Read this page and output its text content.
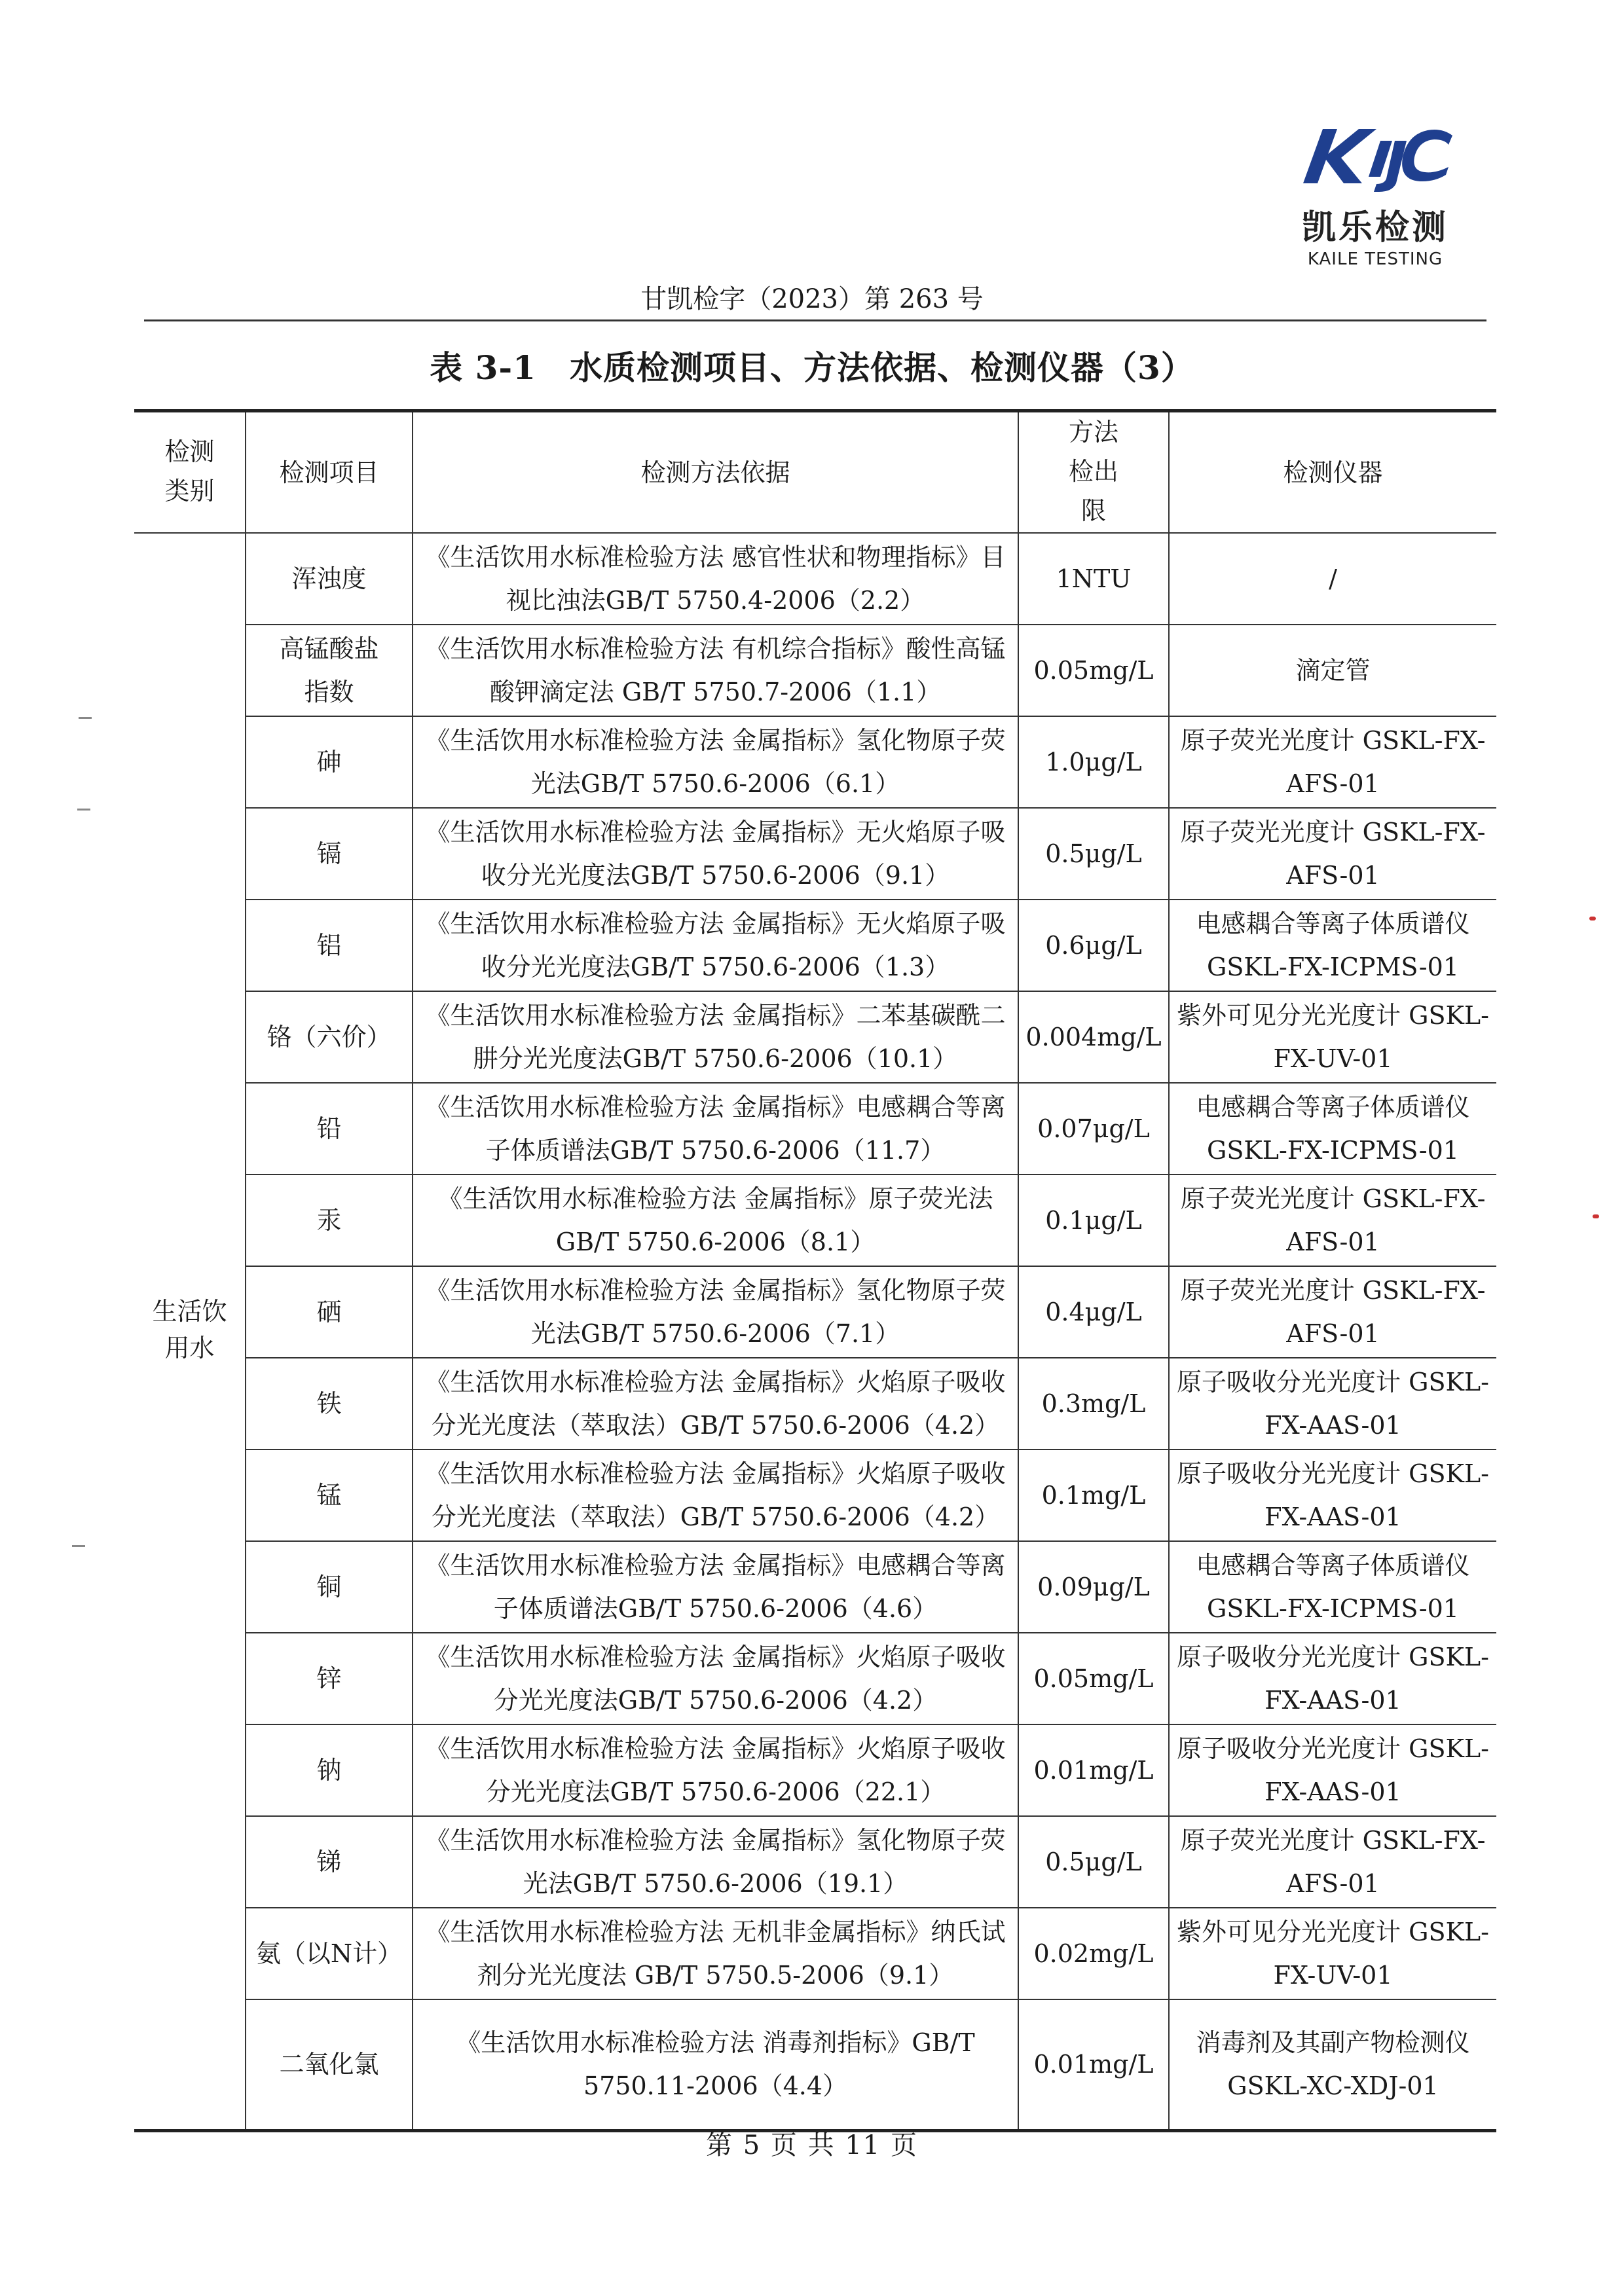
凯乐检测
KAILE TESTING
甘凯检字（2023）第 263 号
表 3-1　水质检测项目、方法依据、检测仪器（3）
检测类别	检测项目	检测方法依据	方法检出限	检测仪器
生活饮用水	浑浊度	《生活饮用水标准检验方法 感官性状和物理指标》目视比浊法GB/T 5750.4-2006（2.2）	1NTU	/
	高锰酸盐指数	《生活饮用水标准检验方法 有机综合指标》酸性高锰酸钾滴定法 GB/T 5750.7-2006（1.1）	0.05mg/L	滴定管
	砷	《生活饮用水标准检验方法 金属指标》氢化物原子荧光法GB/T 5750.6-2006（6.1）	1.0μg/L	原子荧光光度计 GSKL-FX-AFS-01
	镉	《生活饮用水标准检验方法 金属指标》无火焰原子吸收分光光度法GB/T 5750.6-2006（9.1）	0.5μg/L	原子荧光光度计 GSKL-FX-AFS-01
	铝	《生活饮用水标准检验方法 金属指标》无火焰原子吸收分光光度法GB/T 5750.6-2006（1.3）	0.6μg/L	电感耦合等离子体质谱仪GSKL-FX-ICPMS-01
	铬（六价）	《生活饮用水标准检验方法 金属指标》二苯基碳酰二肼分光光度法GB/T 5750.6-2006（10.1）	0.004mg/L	紫外可见分光光度计 GSKL-FX-UV-01
	铅	《生活饮用水标准检验方法 金属指标》电感耦合等离子体质谱法GB/T 5750.6-2006（11.7）	0.07μg/L	电感耦合等离子体质谱仪GSKL-FX-ICPMS-01
	汞	《生活饮用水标准检验方法 金属指标》原子荧光法GB/T 5750.6-2006（8.1）	0.1μg/L	原子荧光光度计 GSKL-FX-AFS-01
	硒	《生活饮用水标准检验方法 金属指标》氢化物原子荧光法GB/T 5750.6-2006（7.1）	0.4μg/L	原子荧光光度计 GSKL-FX-AFS-01
	铁	《生活饮用水标准检验方法 金属指标》火焰原子吸收分光光度法（萃取法）GB/T 5750.6-2006（4.2）	0.3mg/L	原子吸收分光光度计 GSKL-FX-AAS-01
	锰	《生活饮用水标准检验方法 金属指标》火焰原子吸收分光光度法（萃取法）GB/T 5750.6-2006（4.2）	0.1mg/L	原子吸收分光光度计 GSKL-FX-AAS-01
	铜	《生活饮用水标准检验方法 金属指标》电感耦合等离子体质谱法GB/T 5750.6-2006（4.6）	0.09μg/L	电感耦合等离子体质谱仪GSKL-FX-ICPMS-01
	锌	《生活饮用水标准检验方法 金属指标》火焰原子吸收分光光度法GB/T 5750.6-2006（4.2）	0.05mg/L	原子吸收分光光度计 GSKL-FX-AAS-01
	钠	《生活饮用水标准检验方法 金属指标》火焰原子吸收分光光度法GB/T 5750.6-2006（22.1）	0.01mg/L	原子吸收分光光度计 GSKL-FX-AAS-01
	锑	《生活饮用水标准检验方法 金属指标》氢化物原子荧光法GB/T 5750.6-2006（19.1）	0.5μg/L	原子荧光光度计 GSKL-FX-AFS-01
	氨（以N计）	《生活饮用水标准检验方法 无机非金属指标》纳氏试剂分光光度法 GB/T 5750.5-2006（9.1）	0.02mg/L	紫外可见分光光度计 GSKL-FX-UV-01
	二氧化氯	《生活饮用水标准检验方法 消毒剂指标》GB/T 5750.11-2006（4.4）	0.01mg/L	消毒剂及其副产物检测仪 GSKL-XC-XDJ-01
第 5 页 共 11 页
